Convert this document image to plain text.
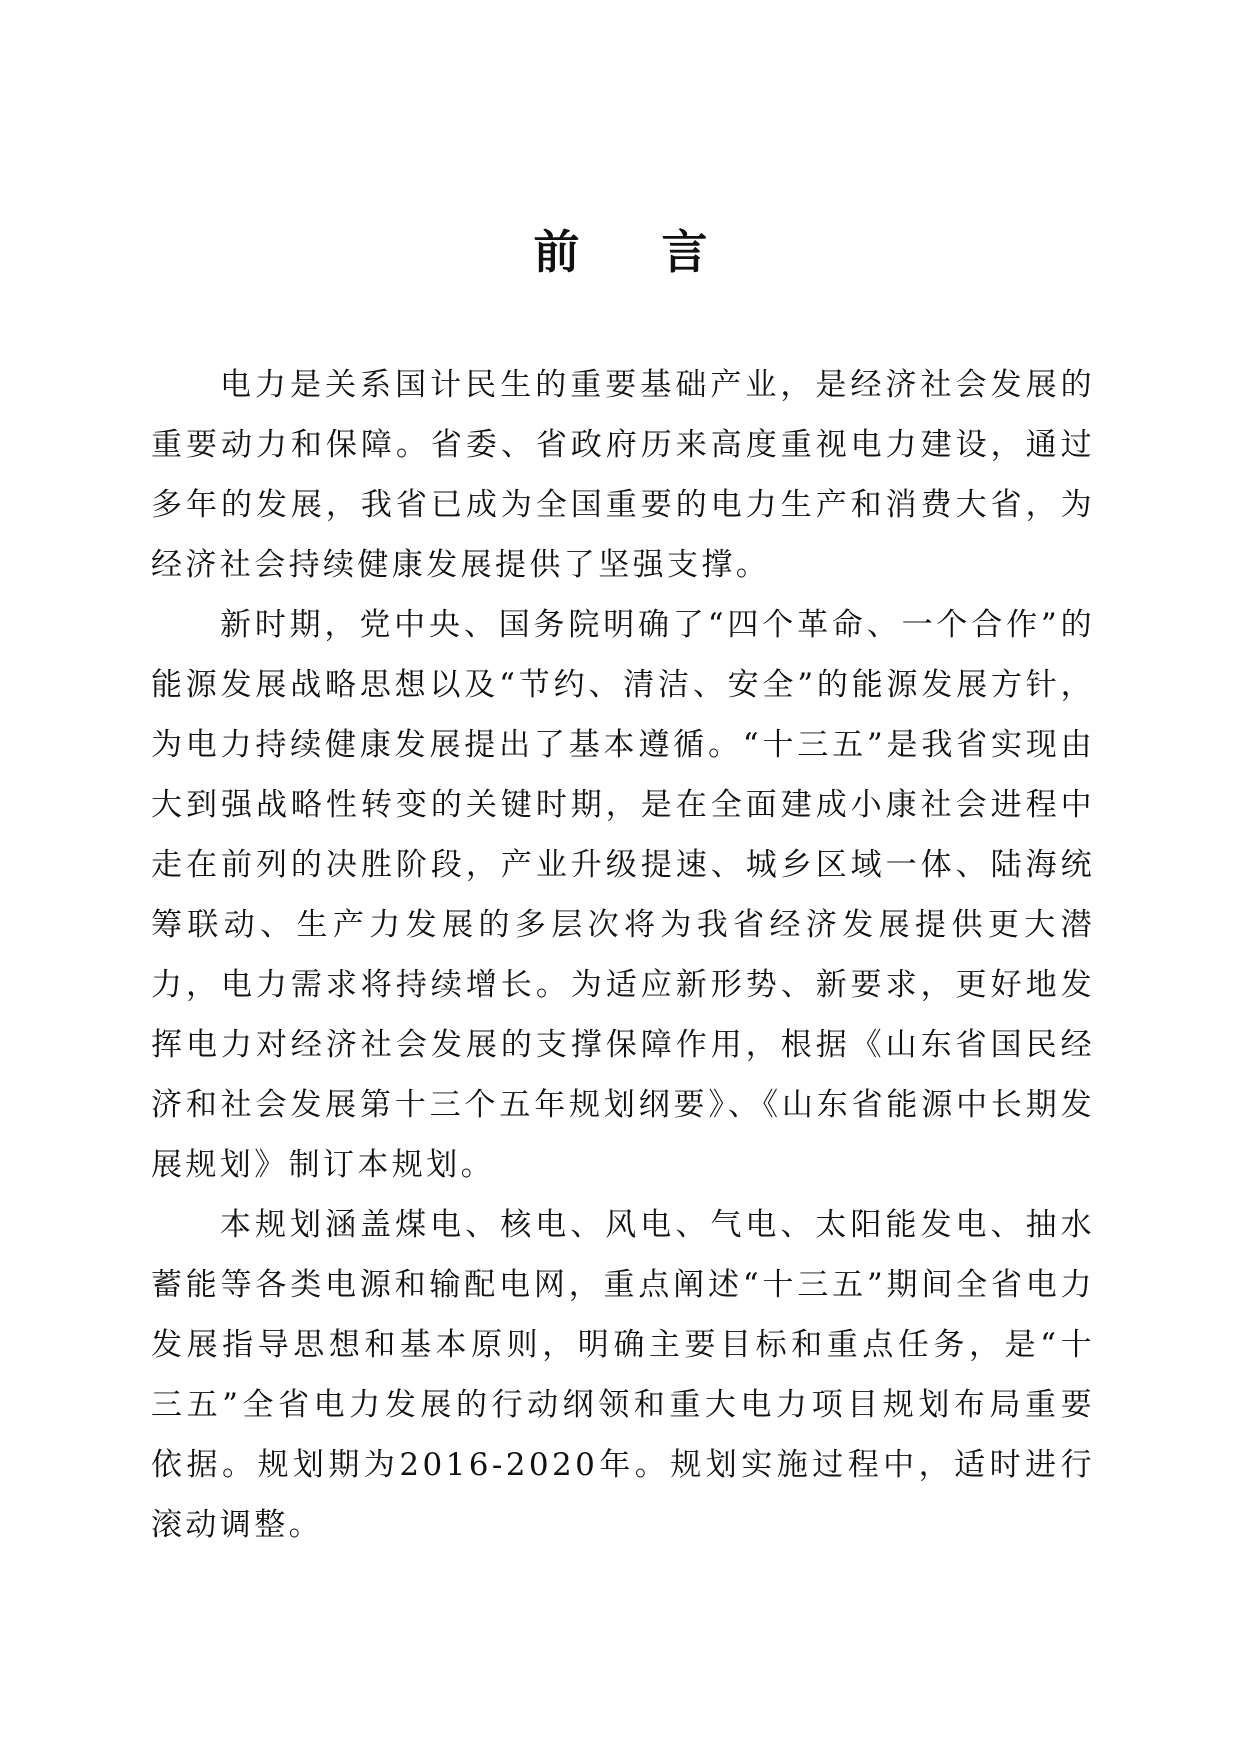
前言

电力是关系国计民生的重要基础产业，是经济社会发展的重要动力和保障。省委、省政府历来高度重视电力建设，通过多年的发展，我省已成为全国重要的电力生产和消费大省，为经济社会持续健康发展提供了坚强支撑。

新时期，党中央、国务院明确了“四个革命、一个合作”的能源发展战略思想以及“节约、清洁、安全”的能源发展方针，为电力持续健康发展提出了基本遵循。“十三五”是我省实现由大到强战略性转变的关键时期，是在全面建成小康社会进程中走在前列的决胜阶段，产业升级提速、城乡区域一体、陆海统筹联动、生产力发展的多层次将为我省经济发展提供更大潜力，电力需求将持续增长。为适应新形势、新要求，更好地发挥电力对经济社会发展的支撑保障作用，根据《山东省国民经济和社会发展第十三个五年规划纲要》、《山东省能源中长期发展规划》制订本规划。

本规划涵盖煤电、核电、风电、气电、太阳能发电、抽水蓄能等各类电源和输配电网，重点阐述“十三五”期间全省电力发展指导思想和基本原则，明确主要目标和重点任务，是“十三五”全省电力发展的行动纲领和重大电力项目规划布局重要依据。规划期为2016-2020年。规划实施过程中，适时进行滚动调整。
